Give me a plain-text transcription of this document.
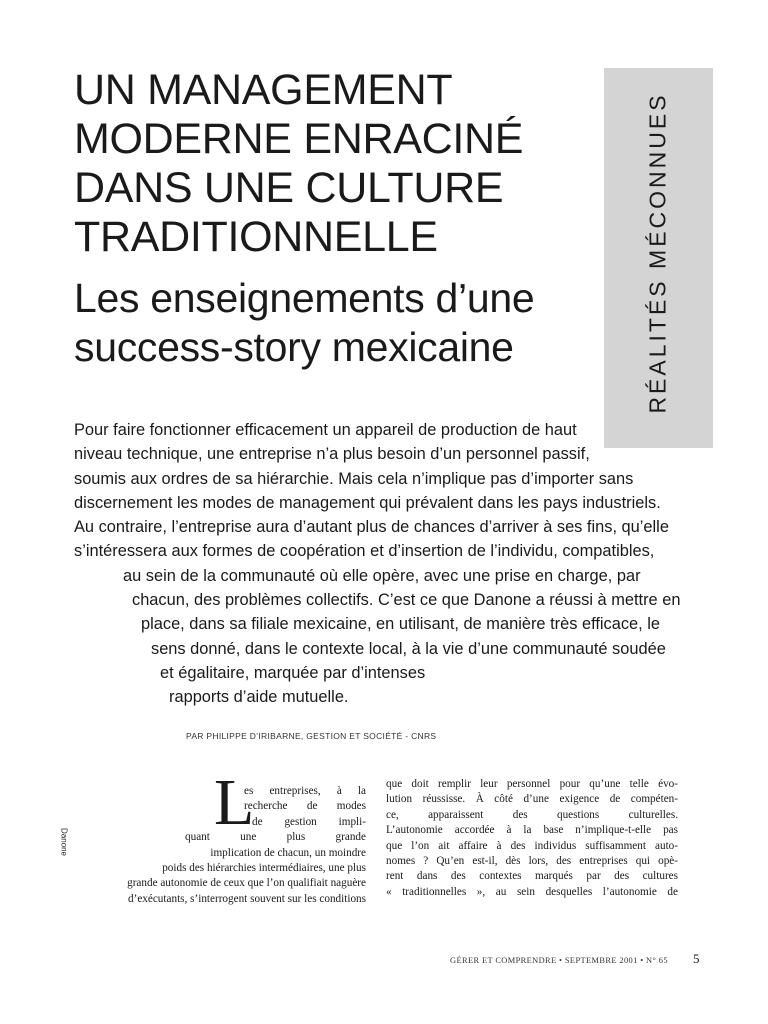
UN MANAGEMENT
MODERNE ENRACINÉ
DANS UNE CULTURE
TRADITIONNELLE
Les enseignements d’une
success-story mexicaine	RÉALITÉS MÉCONNUES
Pour faire fonctionner efficacement un appareil de production de haut
niveau technique, une entreprise n’a plus besoin d’un personnel passif,
soumis aux ordres de sa hiérarchie. Mais cela n’implique pas d’importer sans
discernement les modes de management qui prévalent dans les pays industriels.
Au contraire, l’entreprise aura d’autant plus de chances d’arriver à ses fins, qu’elle
s’intéressera aux formes de coopération et d’insertion de l’individu, compatibles,
au sein de la communauté où elle opère, avec une prise en charge, par
chacun, des problèmes collectifs. C’est ce que Danone a réussi à mettre en
place, dans sa filiale mexicaine, en utilisant, de manière très efficace, le
sens donné, dans le contexte local, à la vie d’une communauté soudée
et égalitaire, marquée par d’intenses
rapports d’aide mutuelle.
PAR PHILIPPE D’IRIBARNE, GESTION ET SOCIÉTÉ - CNRS
Danone
L
es entreprises, à la
recherche de modes
de gestion impli-
quant une plus grande
implication de chacun, un moindre
poids des hiérarchies intermédiaires, une plus
grande autonomie de ceux que l’on qualifiait naguère
d’exécutants, s’interrogent souvent sur les conditions
que doit remplir leur personnel pour qu’une telle évo-
lution réussisse. À côté d’une exigence de compéten-
ce, apparaissent des questions culturelles.
L’autonomie accordée à la base n’implique-t-elle pas
que l’on ait affaire à des individus suffisamment auto-
nomes ? Qu’en est-il, dès lors, des entreprises qui opè-
rent dans des contextes marqués par des cultures
« traditionnelles », au sein desquelles l’autonomie de
GÉRER ET COMPRENDRE • SEPTEMBRE 2001 • N° 65 5
